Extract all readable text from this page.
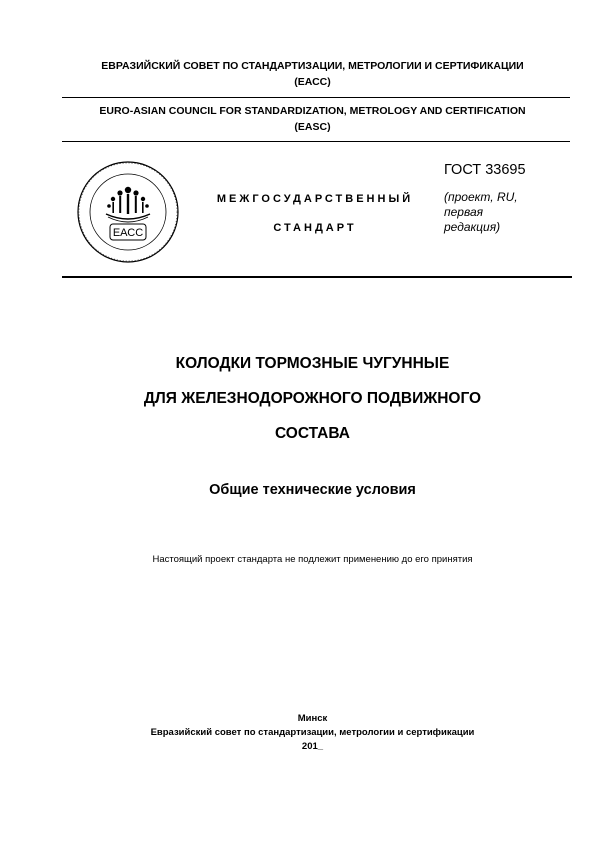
ЕВРАЗИЙСКИЙ СОВЕТ ПО СТАНДАРТИЗАЦИИ, МЕТРОЛОГИИ И СЕРТИФИКАЦИИ
(ЕАСС)
EURO-ASIAN COUNCIL FOR STANDARDIZATION, METROLOGY AND CERTIFICATION
(EASC)
ЕАСС
МЕЖГОСУДАРСТВЕННЫЙ
СТАНДАРТ
ГОСТ 33695
(проект, RU,
первая
редакция)
КОЛОДКИ ТОРМОЗНЫЕ ЧУГУННЫЕ
ДЛЯ ЖЕЛЕЗНОДОРОЖНОГО ПОДВИЖНОГО
СОСТАВА
Общие технические условия
Настоящий проект стандарта не подлежит применению до его принятия
Минск
Евразийский совет по стандартизации, метрологии и сертификации
201_
